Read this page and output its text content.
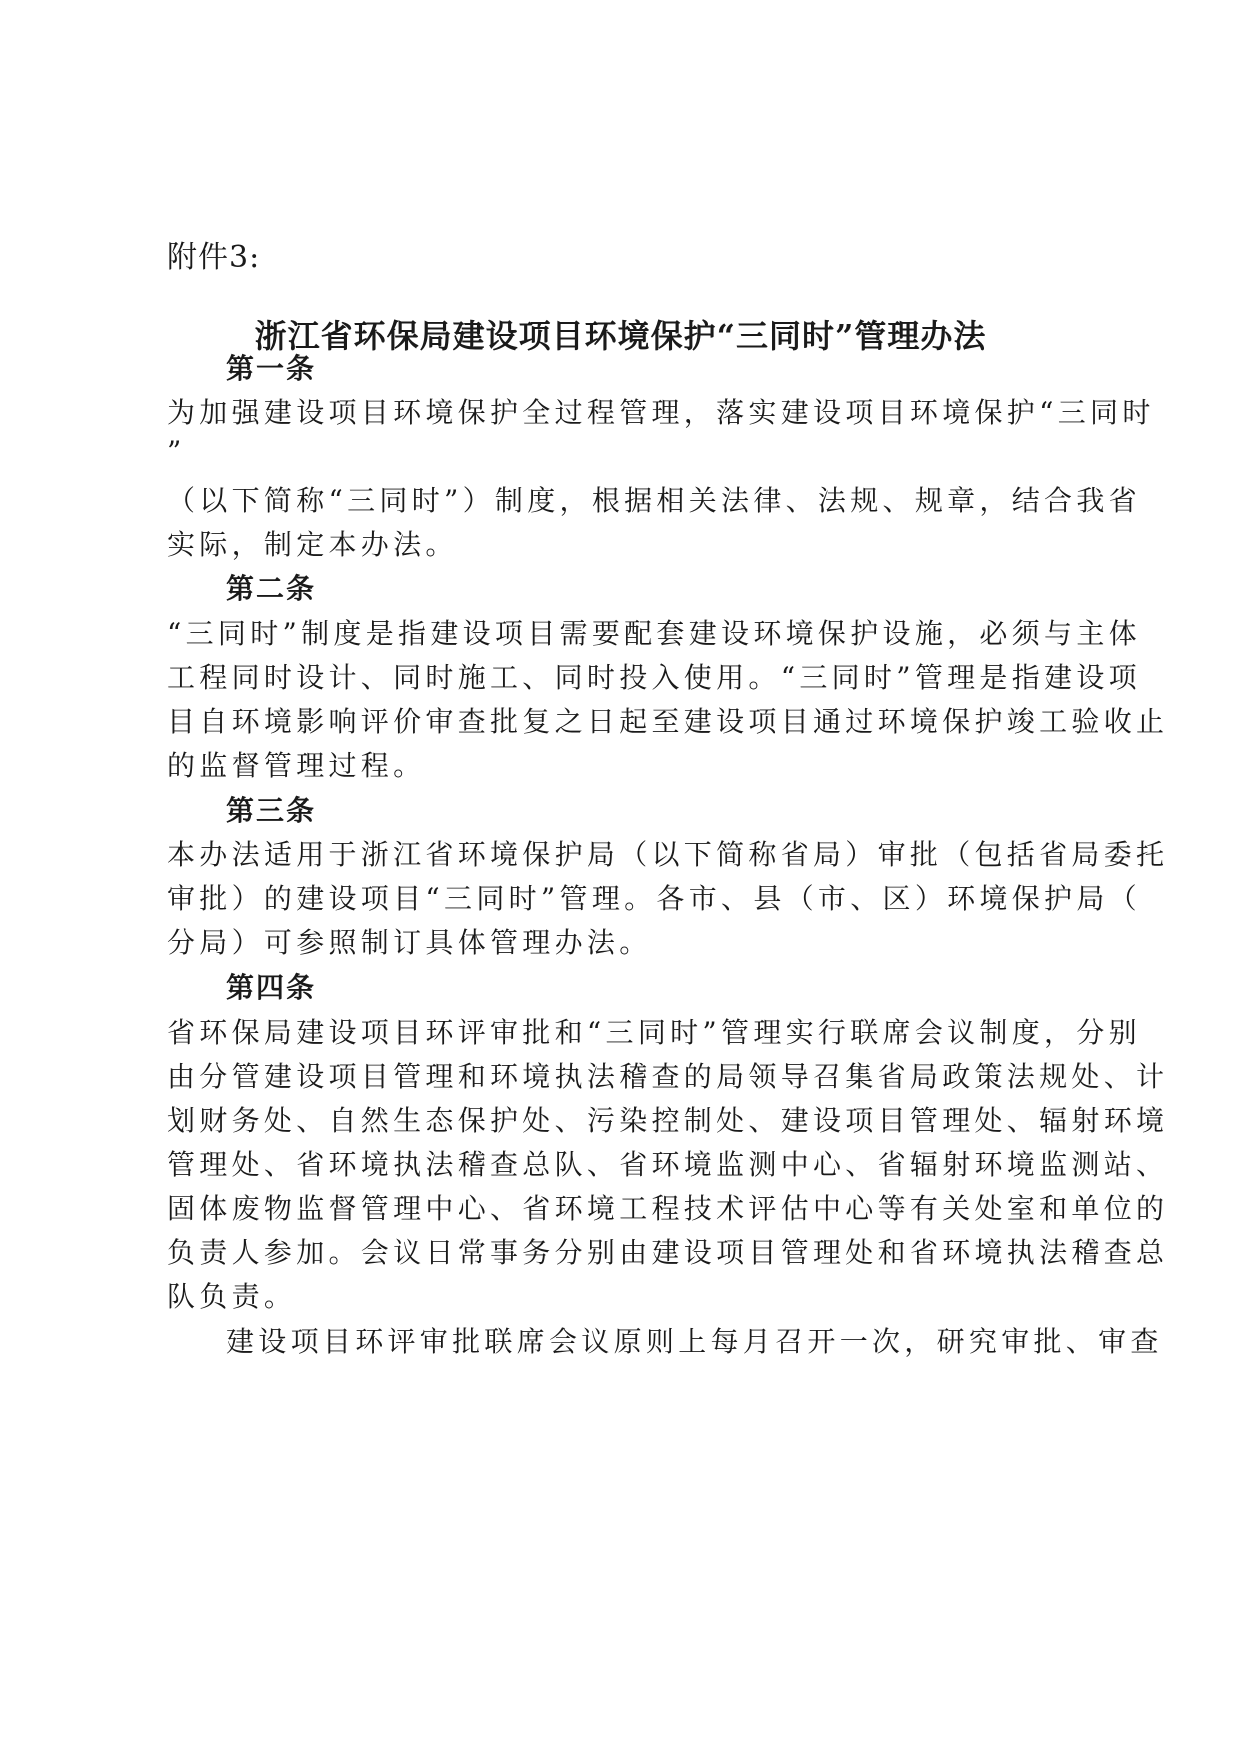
附件3:
浙江省环保局建设项目环境保护“三同时”管理办法
第一条
为加强建设项目环境保护全过程管理，落实建设项目环境保护“三同时
”
（以下简称“三同时”）制度，根据相关法律、法规、规章，结合我省
实际，制定本办法。
第二条
“三同时”制度是指建设项目需要配套建设环境保护设施，必须与主体
工程同时设计、同时施工、同时投入使用。“三同时”管理是指建设项
目自环境影响评价审查批复之日起至建设项目通过环境保护竣工验收止
的监督管理过程。
第三条
本办法适用于浙江省环境保护局（以下简称省局）审批（包括省局委托
审批）的建设项目“三同时”管理。各市、县（市、区）环境保护局（
分局）可参照制订具体管理办法。
第四条
省环保局建设项目环评审批和“三同时”管理实行联席会议制度，分别
由分管建设项目管理和环境执法稽查的局领导召集省局政策法规处、计
划财务处、自然生态保护处、污染控制处、建设项目管理处、辐射环境
管理处、省环境执法稽查总队、省环境监测中心、省辐射环境监测站、
固体废物监督管理中心、省环境工程技术评估中心等有关处室和单位的
负责人参加。会议日常事务分别由建设项目管理处和省环境执法稽查总
队负责。
建设项目环评审批联席会议原则上每月召开一次，研究审批、审查
